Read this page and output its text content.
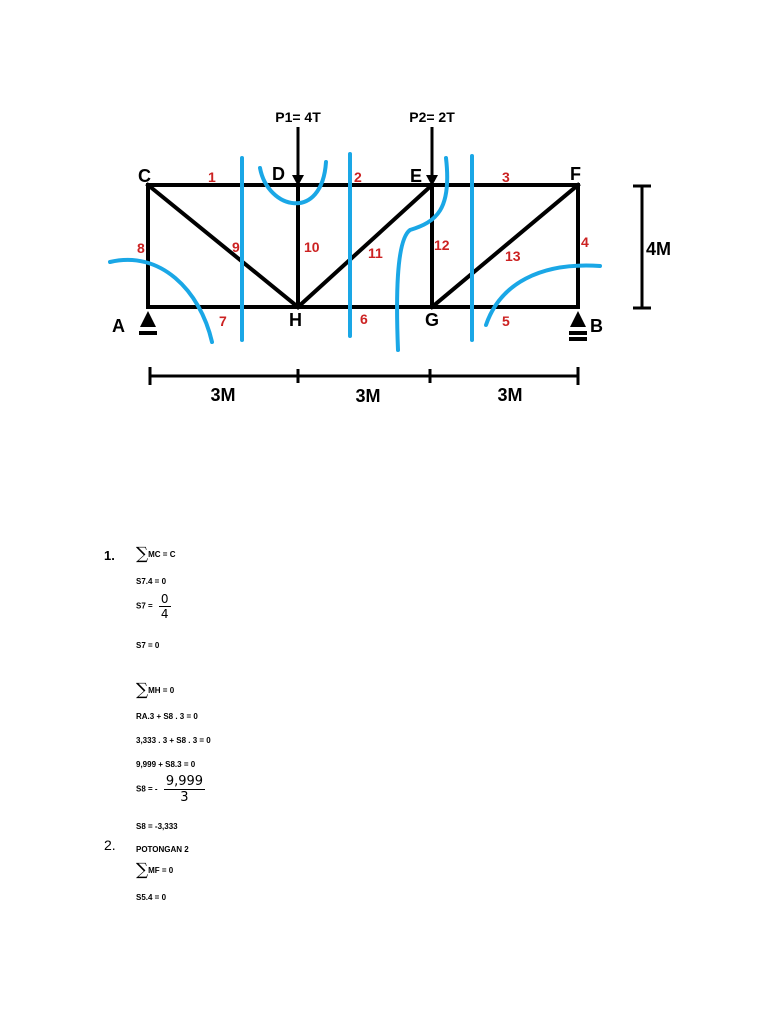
P1= 4T	P2= 2T
C	D	E	F
A	H	G	B
1	2	3
4
5
6
7
8	9	10	11	12
13
3M	3M	3M
4M
1. ∑MC = C
S7.4 = 0
$S7 = \frac{0}{4}$
S7 = 0
∑MH = 0
RA.3 + S8 . 3 = 0
3,333 . 3 + S8 . 3 = 0
9,999 + S8.3 = 0
S8 = - $\frac{9,999}{3}$
S8 = -3,333
2.	POTONGAN 2
∑MF = 0
S5.4 = 0
